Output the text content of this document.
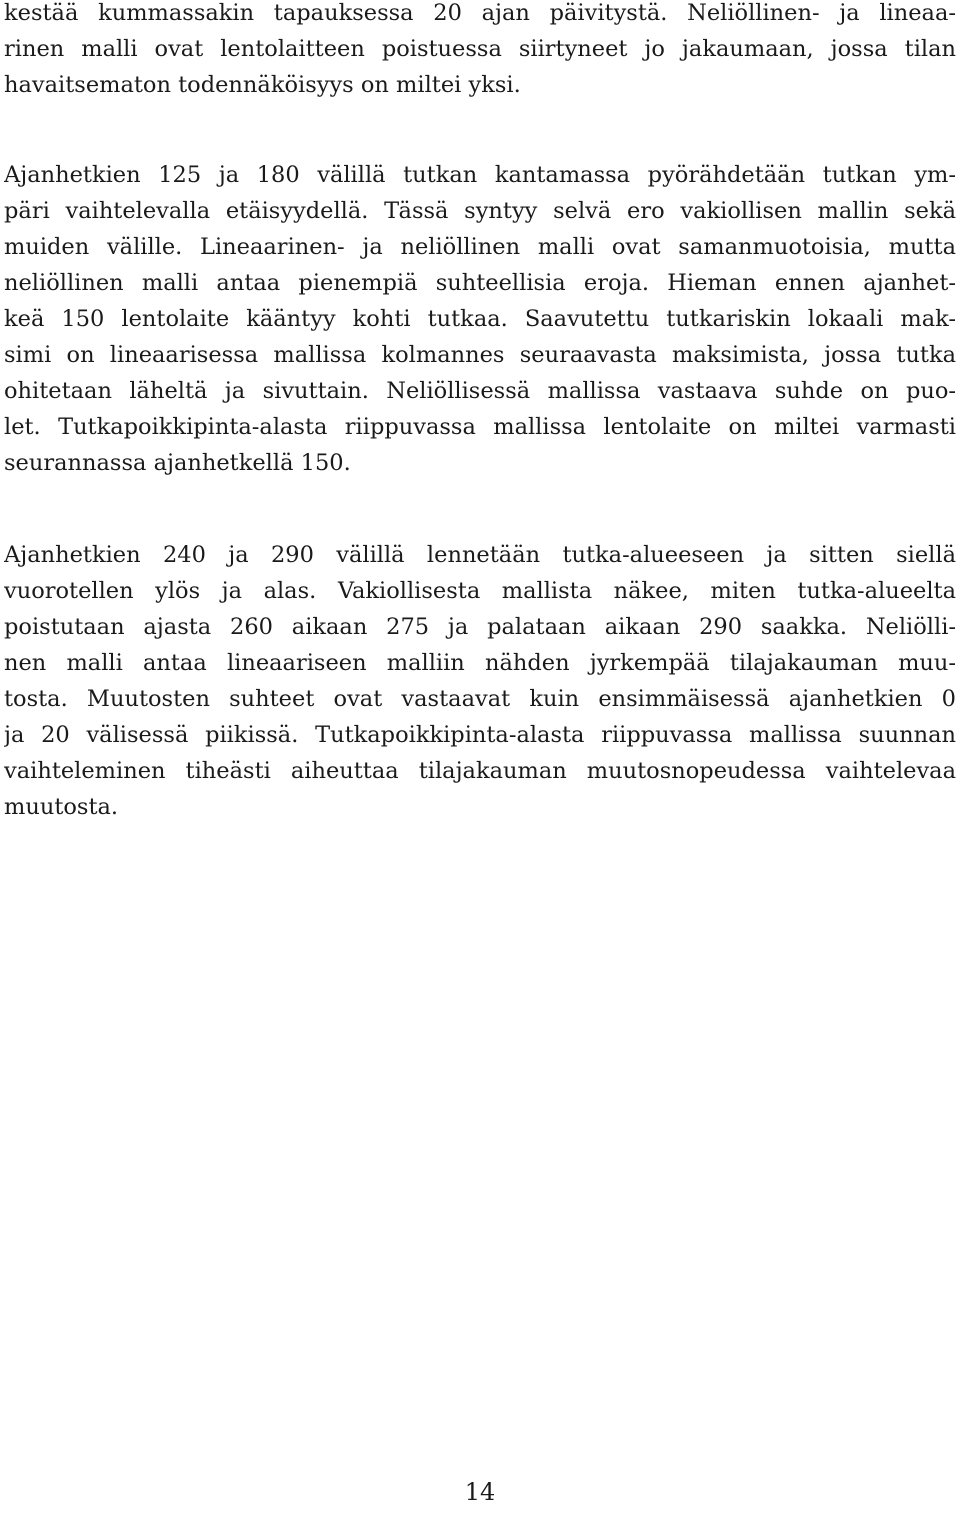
kestää kummassakin tapauksessa 20 ajan päivitystä. Neliöllinen- ja lineaa-
rinen malli ovat lentolaitteen poistuessa siirtyneet jo jakaumaan, jossa tilan
havaitsematon todennäköisyys on miltei yksi.
Ajanhetkien 125 ja 180 välillä tutkan kantamassa pyörähdetään tutkan ym-
päri vaihtelevalla etäisyydellä. Tässä syntyy selvä ero vakiollisen mallin sekä
muiden välille. Lineaarinen- ja neliöllinen malli ovat samanmuotoisia, mutta
neliöllinen malli antaa pienempiä suhteellisia eroja. Hieman ennen ajanhet-
keä 150 lentolaite kääntyy kohti tutkaa. Saavutettu tutkariskin lokaali mak-
simi on lineaarisessa mallissa kolmannes seuraavasta maksimista, jossa tutka
ohitetaan läheltä ja sivuttain. Neliöllisessä mallissa vastaava suhde on puo-
let. Tutkapoikkipinta-alasta riippuvassa mallissa lentolaite on miltei varmasti
seurannassa ajanhetkellä 150.
Ajanhetkien 240 ja 290 välillä lennetään tutka-alueeseen ja sitten siellä
vuorotellen ylös ja alas. Vakiollisesta mallista näkee, miten tutka-alueelta
poistutaan ajasta 260 aikaan 275 ja palataan aikaan 290 saakka. Neliölli-
nen malli antaa lineaariseen malliin nähden jyrkempää tilajakauman muu-
tosta. Muutosten suhteet ovat vastaavat kuin ensimmäisessä ajanhetkien 0
ja 20 välisessä piikissä. Tutkapoikkipinta-alasta riippuvassa mallissa suunnan
vaihteleminen tiheästi aiheuttaa tilajakauman muutosnopeudessa vaihtelevaa
muutosta.
14
